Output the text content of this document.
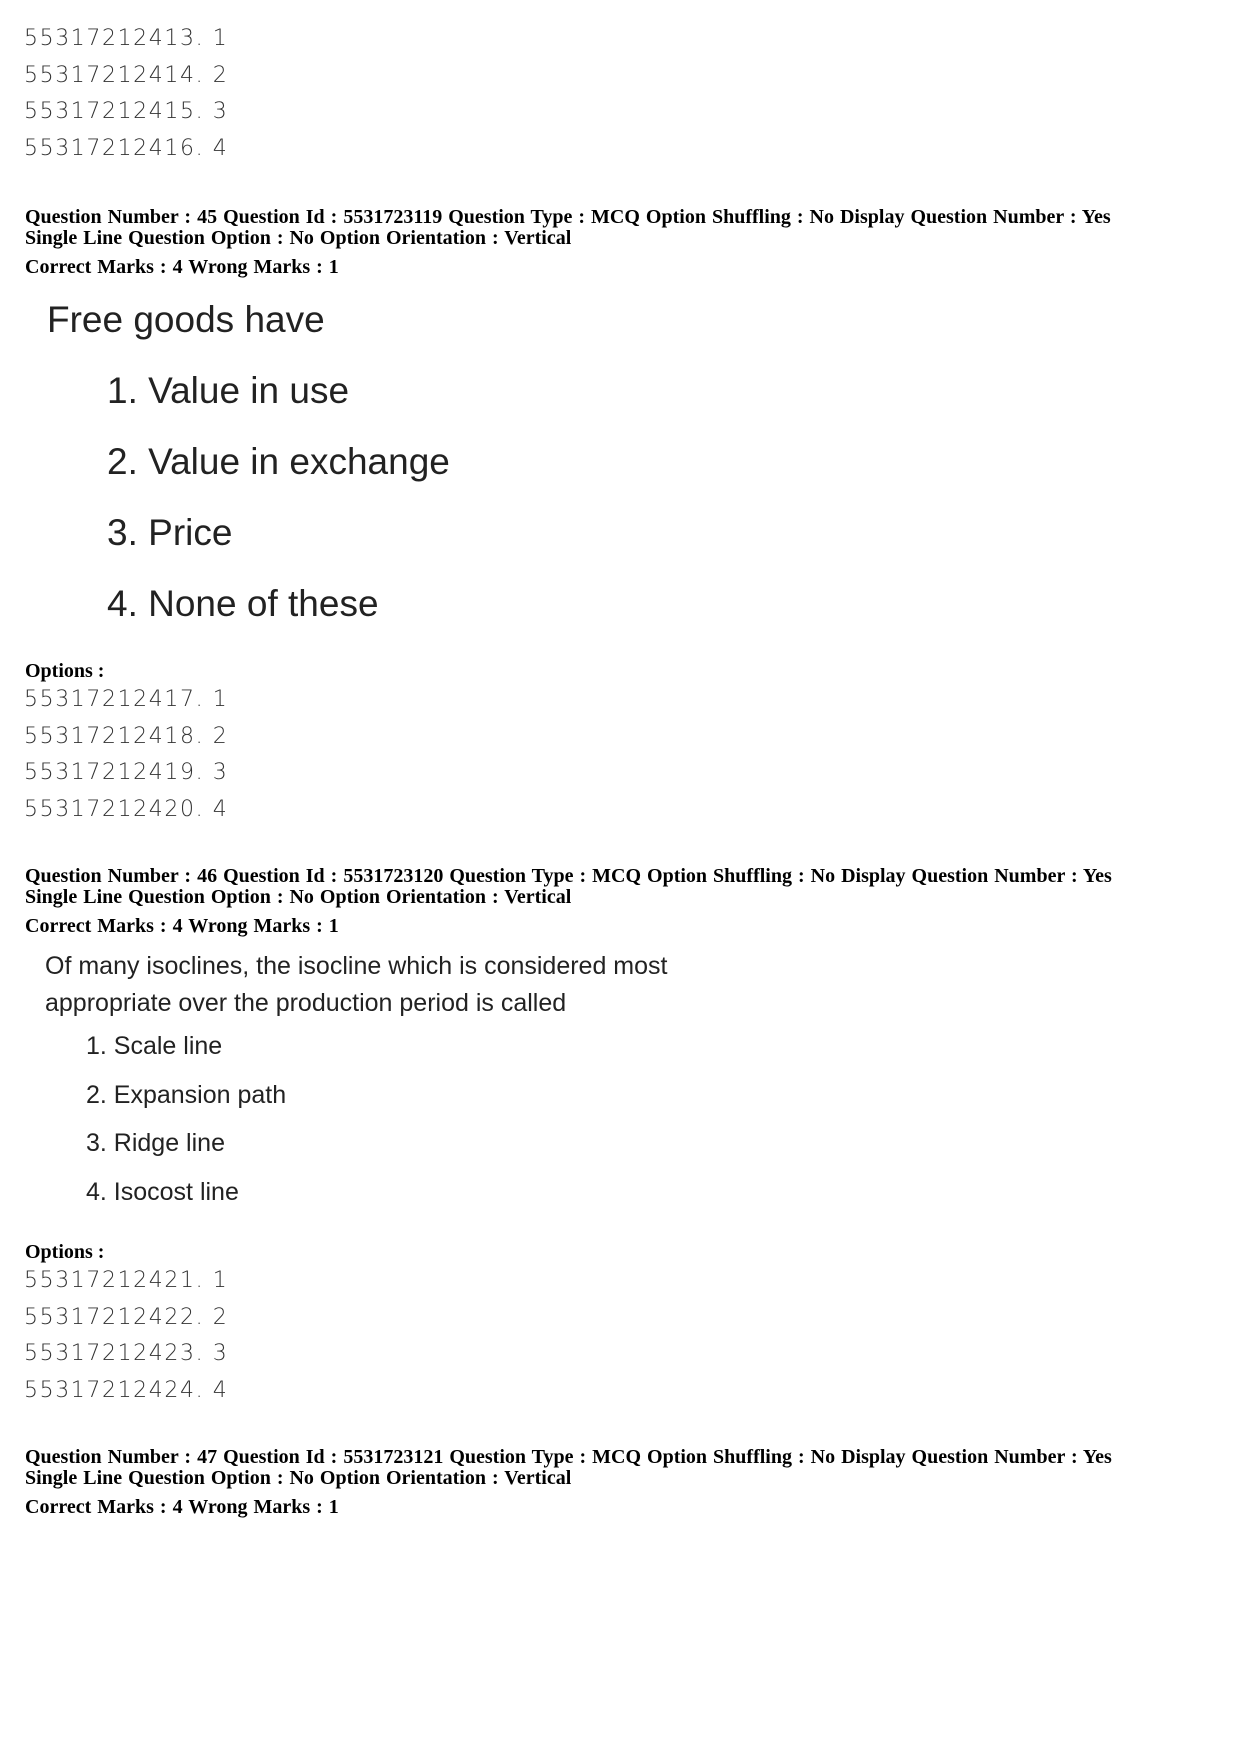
55317212413. 1
55317212414. 2
55317212415. 3
55317212416. 4
Question Number : 45 Question Id : 5531723119 Question Type : MCQ Option Shuffling : No Display Question Number : Yes
Single Line Question Option : No Option Orientation : Vertical
Correct Marks : 4 Wrong Marks : 1
Free goods have
1. Value in use
2. Value in exchange
3. Price
4. None of these
Options :
55317212417. 1
55317212418. 2
55317212419. 3
55317212420. 4
Question Number : 46 Question Id : 5531723120 Question Type : MCQ Option Shuffling : No Display Question Number : Yes
Single Line Question Option : No Option Orientation : Vertical
Correct Marks : 4 Wrong Marks : 1
Of many isoclines, the isocline which is considered most
appropriate over the production period is called
1. Scale line
2. Expansion path
3. Ridge line
4. Isocost line
Options :
55317212421. 1
55317212422. 2
55317212423. 3
55317212424. 4
Question Number : 47 Question Id : 5531723121 Question Type : MCQ Option Shuffling : No Display Question Number : Yes
Single Line Question Option : No Option Orientation : Vertical
Correct Marks : 4 Wrong Marks : 1
